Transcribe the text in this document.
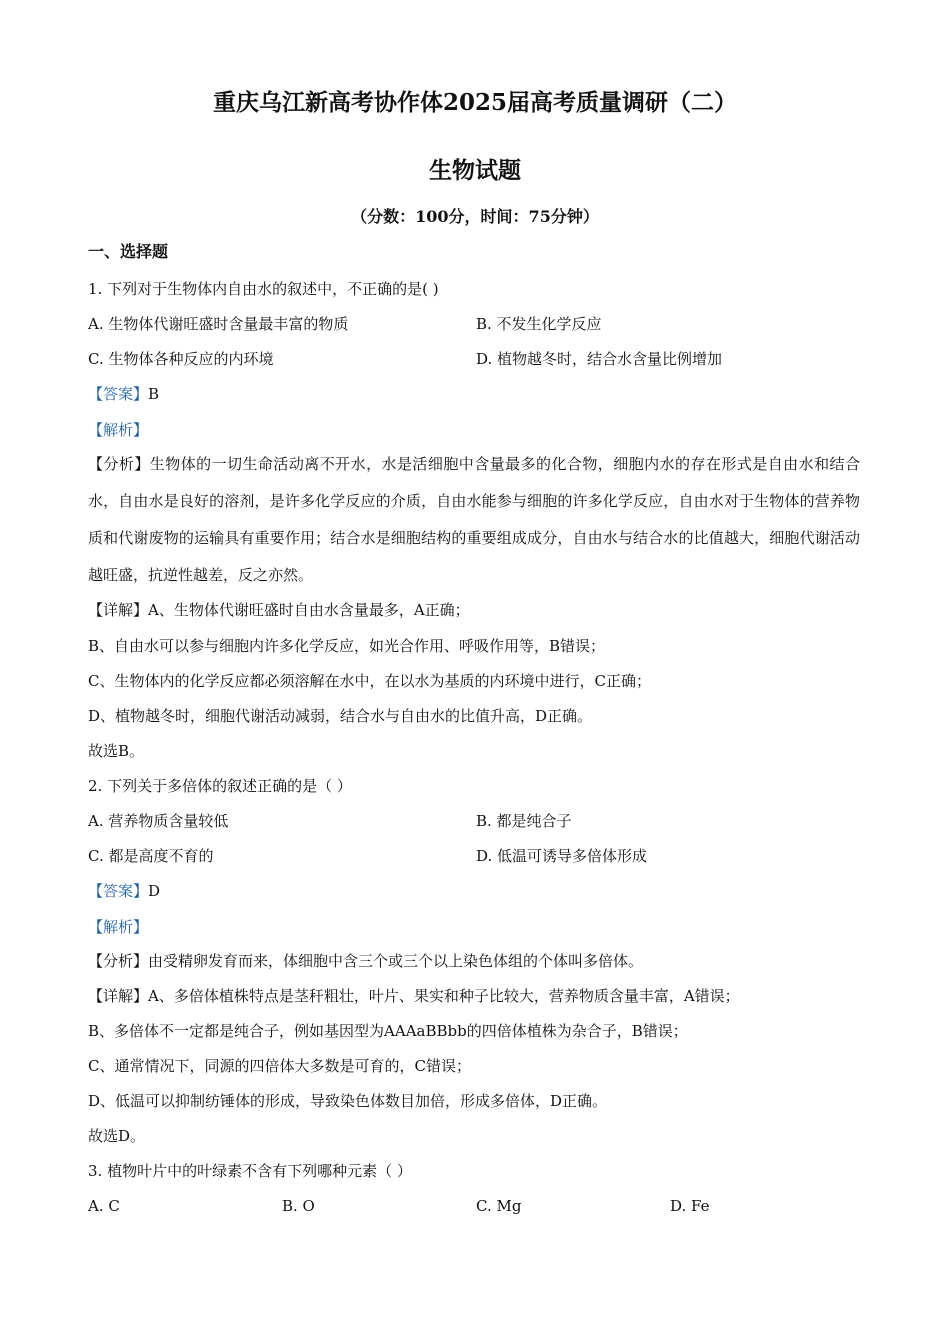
重庆乌江新高考协作体2025届高考质量调研（二）
生物试题
（分数：100分，时间：75分钟）
一、选择题
1. 下列对于生物体内自由水的叙述中，不正确的是( )
A. 生物体代谢旺盛时含量最丰富的物质	B. 不发生化学反应
C. 生物体各种反应的内环境	D. 植物越冬时，结合水含量比例增加
【答案】B
【解析】
【分析】生物体的一切生命活动离不开水，水是活细胞中含量最多的化合物，细胞内水的存在形式是自由水和结合水，自由水是良好的溶剂，是许多化学反应的介质，自由水能参与细胞的许多化学反应，自由水对于生物体的营养物质和代谢废物的运输具有重要作用；结合水是细胞结构的重要组成成分，自由水与结合水的比值越大，细胞代谢活动越旺盛，抗逆性越差，反之亦然。
【详解】A、生物体代谢旺盛时自由水含量最多，A正确；
B、自由水可以参与细胞内许多化学反应，如光合作用、呼吸作用等，B错误；
C、生物体内的化学反应都必须溶解在水中，在以水为基质的内环境中进行，C正确；
D、植物越冬时，细胞代谢活动减弱，结合水与自由水的比值升高，D正确。
故选B。
2. 下列关于多倍体的叙述正确的是（ ）
A. 营养物质含量较低	B. 都是纯合子
C. 都是高度不育的	D. 低温可诱导多倍体形成
【答案】D
【解析】
【分析】由受精卵发育而来，体细胞中含三个或三个以上染色体组的个体叫多倍体。
【详解】A、多倍体植株特点是茎秆粗壮，叶片、果实和种子比较大，营养物质含量丰富，A错误；
B、多倍体不一定都是纯合子，例如基因型为AAAaBBbb的四倍体植株为杂合子，B错误；
C、通常情况下，同源的四倍体大多数是可育的，C错误；
D、低温可以抑制纺锤体的形成，导致染色体数目加倍，形成多倍体，D正确。
故选D。
3. 植物叶片中的叶绿素不含有下列哪种元素（ ）
A. C	B. O	C. Mg	D. Fe
